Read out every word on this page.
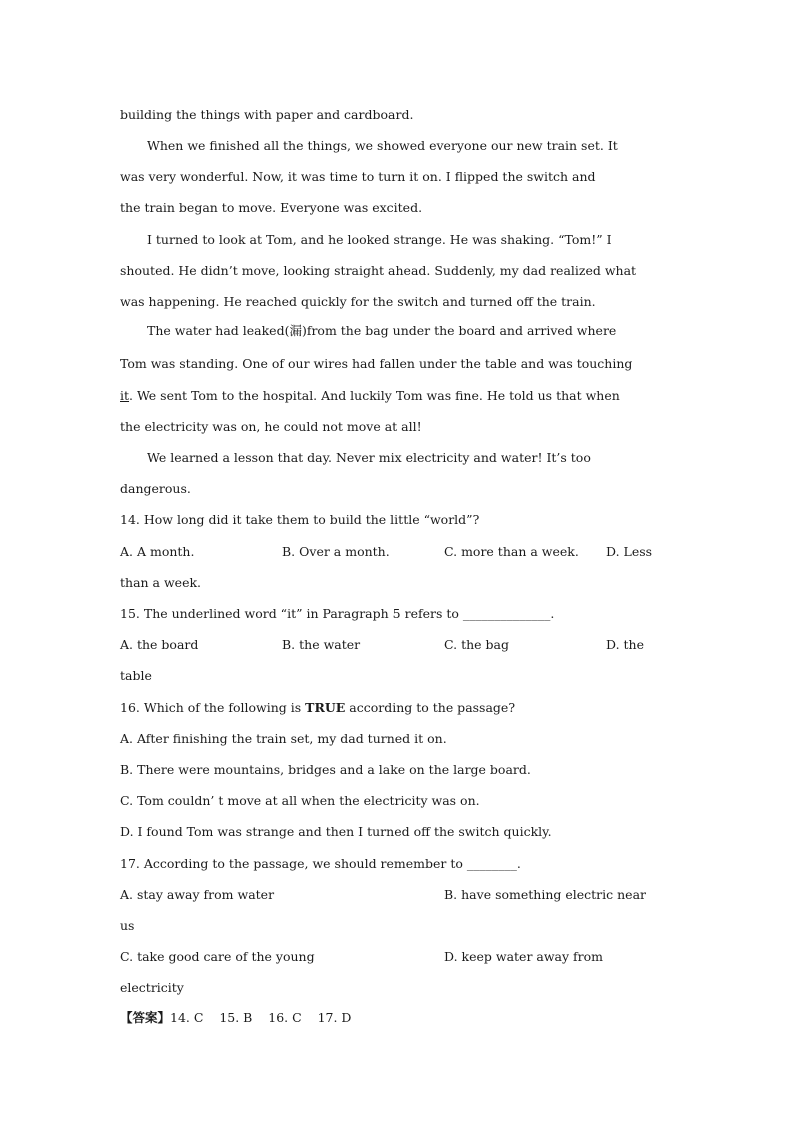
building the things with paper and cardboard.
When we finished all the things, we showed everyone our new train set. It
was very wonderful. Now, it was time to turn it on. I flipped the switch and
the train began to move. Everyone was excited.
I turned to look at Tom, and he looked strange. He was shaking. “Tom!” I
shouted. He didn’t move, looking straight ahead. Suddenly, my dad realized what
was happening. He reached quickly for the switch and turned off the train.
The water had leaked(漏)from the bag under the board and arrived where
Tom was standing. One of our wires had fallen under the table and was touching
it. We sent Tom to the hospital. And luckily Tom was fine. He told us that when
the electricity was on, he could not move at all!
We learned a lesson that day. Never mix electricity and water! It’s too
dangerous.
14. How long did it take them to build the little “world”?
A. A month.	B. Over a month.	C. more than a week. D. Less
than a week.
15. The underlined word “it” in Paragraph 5 refers to ______________.
A. the board	B. the water	C. the bag	D. the
table
16. Which of the following is TRUE according to the passage?
A. After finishing the train set, my dad turned it on.
B. There were mountains, bridges and a lake on the large board.
C. Tom couldn’ t move at all when the electricity was on.
D. I found Tom was strange and then I turned off the switch quickly.
17. According to the passage, we should remember to ________.
A. stay away from water	B. have something electric near
us
C. take good care of the young	D. keep water away from
electricity
【答案】14. C    15. B    16. C    17. D
